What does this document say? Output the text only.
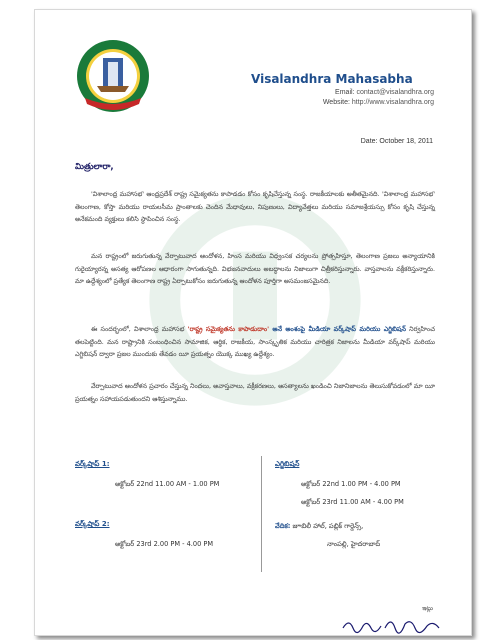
Visalandhra Mahasabha
Email: contact@visalandhra.org
Website: http://www.visalandhra.org
Date: October 18, 2011
మిత్రులారా,
'విశాలాంధ్ర మహాసభ' ఆంధ్రప్రదేశ్ రాష్ట్ర సమైక్యతను కాపాడడం కోసం కృషిచేస్తున్న సంస్థ. రాజకీయాలకు అతీతమైనది. 'విశాలాంధ్ర మహాసభ' తెలంగాణ, కోస్తా మరియు రాయలసీమ ప్రాంతాలకు చెందిన మేధావులు, నిపుణులు, విద్యావేత్తలు మరియు సమాజశ్రేయస్సు కోసం కృషి చేస్తున్న అనేకమంది వ్యక్తులు కలిసి స్థాపించిన సంస్థ.
మన రాష్ట్రంలో జరుగుతున్న వేర్పాటువాద ఆందోళన, హింస మరియు విధ్వంసక చర్యలను ప్రోత్సహిస్తూ, తెలంగాణ ప్రజలు అన్యాయానికి గురైయ్యారన్న అసత్య ఆరోపణల ఆధారంగా సాగుతున్నది. విభజనవాదులు అబద్ధాలను నిజాలుగా చిత్రీకరిస్తున్నారు. వాస్తవాలను వక్రీకరిస్తున్నారు. మా ఉద్దేశ్యంలో ప్రత్యేక తెలంగాణ రాష్ట్ర ఏర్పాటుకోసం జరుగుతున్న ఆందోళన పూర్తిగా అసమంజసమైనది.
ఈ సందర్భంలో, విశాలాంధ్ర మహాసభ 'రాష్ట్ర సమైక్యతను కాపాడుదాం' అనే అంశంపై మీడియా వర్క్‌షాప్ మరియు ఎగ్జిబిషన్ నిర్వహించ తలపెట్టింది. మన రాష్ట్రానికి సంబంధించిన సామాజిక, ఆర్థిక, రాజకీయ, సాంస్కృతిక మరియు చారిత్రక నిజాలను మీడియా వర్క్‌షాప్ మరియు ఎగ్జిబిషన్ ద్వారా ప్రజల ముందుకు తేవడం యీ ప్రయత్నం యొక్క ముఖ్య ఉద్దేశ్యం.
వేర్పాటువాద ఆందోళన ప్రచారం చేస్తున్న నిందలు, అవాస్తవాలు, వక్రీకరణలు, అసత్యాలను ఖండించి నిజానిజాలను తెలుసుకోవడంలో మా యీ ప్రయత్నం సహాయపడుతుందని ఆశిస్తున్నాము.
వర్క్‌షాప్ 1:
అక్టోబర్ 22nd 11.00 AM - 1.00 PM
వర్క్‌షాప్ 2:
అక్టోబర్ 23rd 2.00 PM - 4.00 PM
ఎగ్జిబిషన్
అక్టోబర్ 22nd 1.00 PM - 4.00 PM
అక్టోబర్ 23rd 11.00 AM - 4.00 PM
వేదిక: జూబిలీ హాల్, పబ్లిక్ గార్డెన్స్,
నాంపల్లి, హైదరాబాద్
ఇట్లు
